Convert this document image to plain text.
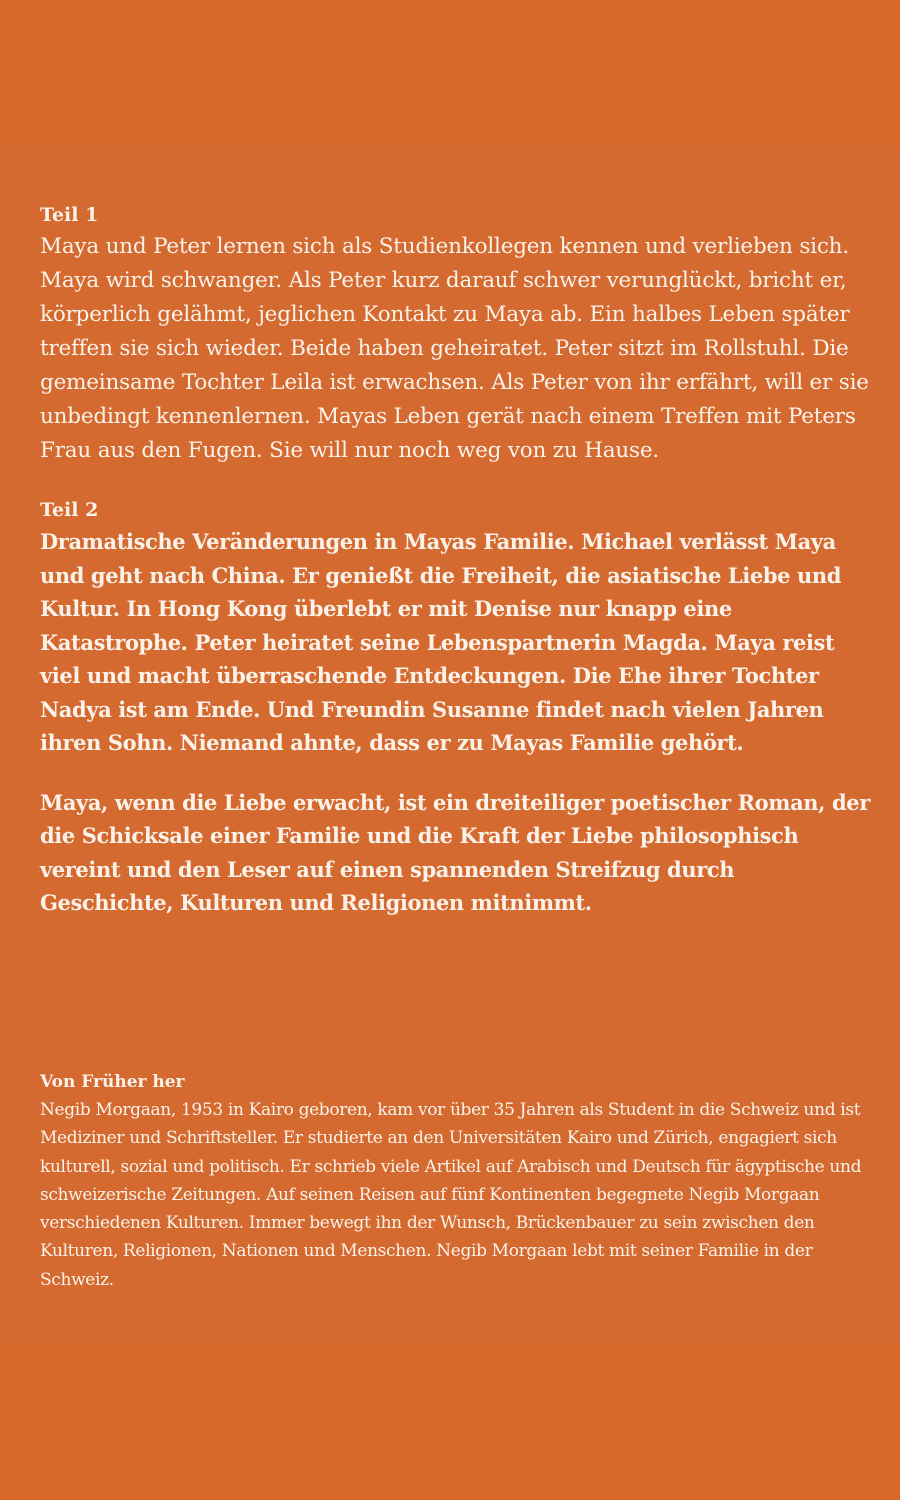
Teil 1

Maya und Peter lernen sich als Studienkollegen kennen und verlieben sich. Maya wird schwanger. Als Peter kurz darauf schwer verunglückt, bricht er, körperlich gelähmt, jeglichen Kontakt zu Maya ab. Ein halbes Leben später treffen sie sich wieder. Beide haben geheiratet. Peter sitzt im Rollstuhl. Die gemeinsame Tochter Leila ist erwachsen. Als Peter von ihr erfährt, will er sie unbedingt kennenlernen. Mayas Leben gerät nach einem Treffen mit Peters Frau aus den Fugen. Sie will nur noch weg von zu Hause.

Teil 2

Dramatische Veränderungen in Mayas Familie. Michael verlässt Maya und geht nach China. Er genießt die Freiheit, die asiatische Liebe und Kultur. In Hong Kong überlebt er mit Denise nur knapp eine Katastrophe. Peter heiratet seine Lebenspartnerin Magda. Maya reist viel und macht überraschende Entdeckungen. Die Ehe ihrer Tochter Nadya ist am Ende. Und Freundin Susanne findet nach vielen Jahren ihren Sohn. Niemand ahnte, dass er zu Mayas Familie gehört.

Maya, wenn die Liebe erwacht, ist ein dreiteiliger poetischer Roman, der die Schicksale einer Familie und die Kraft der Liebe philosophisch vereint und den Leser auf einen spannenden Streifzug durch Geschichte, Kulturen und Religionen mitnimmt.

Von Früher her

Negib Morgaan, 1953 in Kairo geboren, kam vor über 35 Jahren als Student in die Schweiz und ist Mediziner und Schriftsteller. Er studierte an den Universitäten Kairo und Zürich, engagiert sich kulturell, sozial und politisch. Er schrieb viele Artikel auf Arabisch und Deutsch für ägyptische und schweizerische Zeitungen. Auf seinen Reisen auf fünf Kontinenten begegnete Negib Morgaan verschiedenen Kulturen. Immer bewegt ihn der Wunsch, Brückenbauer zu sein zwischen den Kulturen, Religionen, Nationen und Menschen. Negib Morgaan lebt mit seiner Familie in der Schweiz.
